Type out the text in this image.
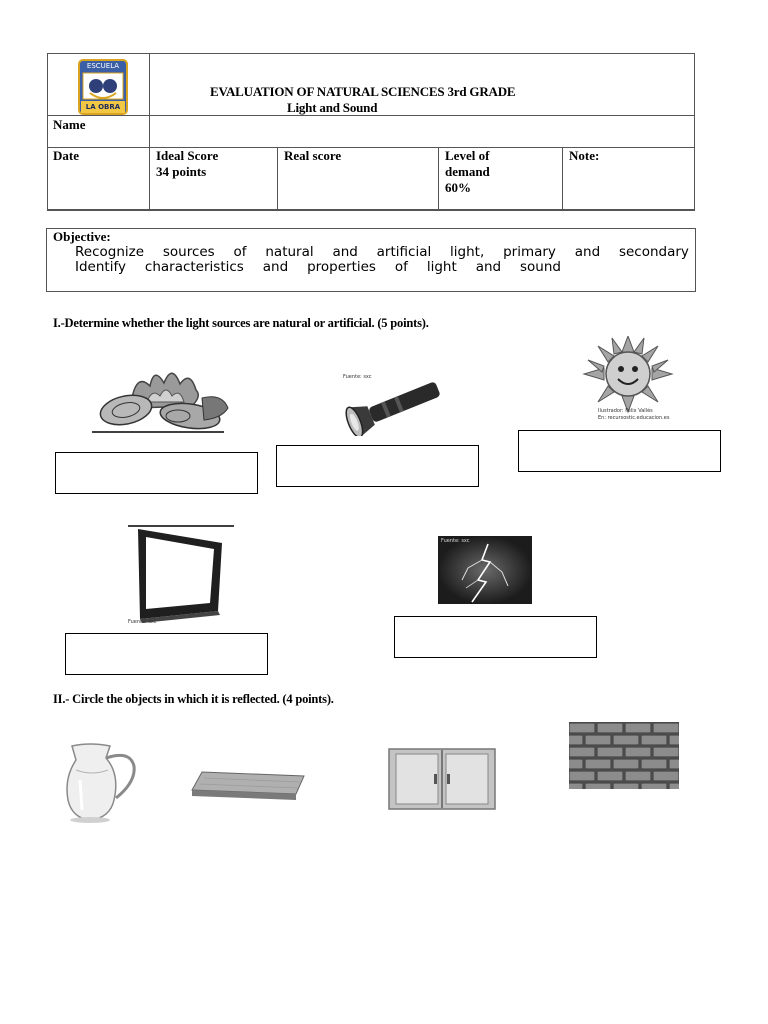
ESCUELA
LA OBRA
EVALUATION OF NATURAL SCIENCES 3rd GRADE
Light and Sound
Name
Date	Ideal Score
34 points
Real score	Level of
demand
60%
Note:
Objective:
Recognize sources of natural and artificial light, primary and secondary
Identify characteristics and properties of light and sound
I.-Determine whether the light sources are natural or artificial. (5 points).
Fuente: sxc
Ilustrador: Félix Vallés
En: recursostic.educacion.es
Fuente: sxc
Fuente: sxc
II.- Circle the objects in which it is reflected. (4 points).
